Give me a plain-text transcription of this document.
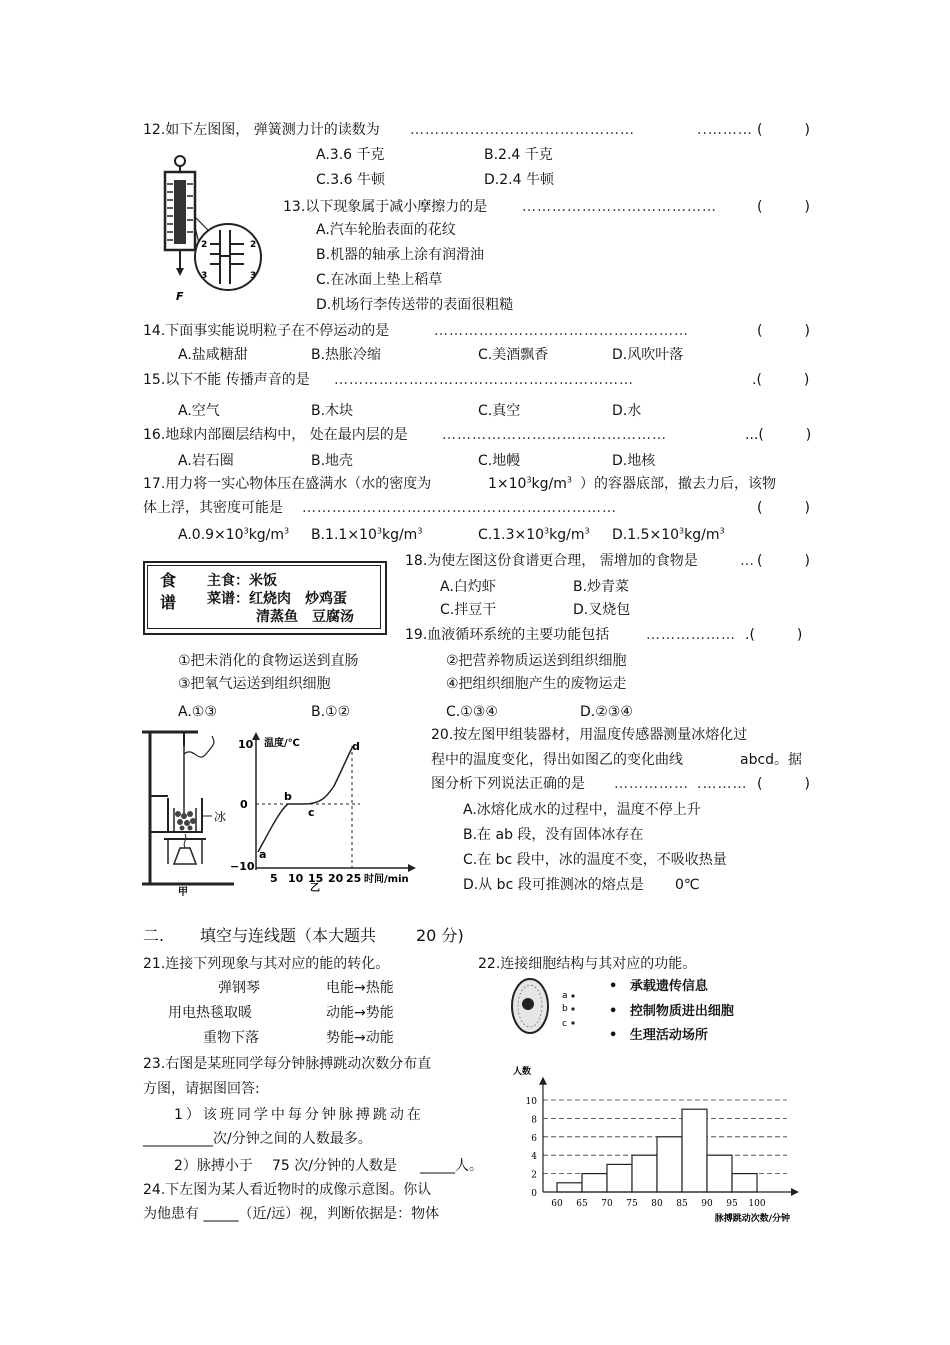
12.如下左图图， 弹簧测力计的读数为 ………………………………………	..……… (　　　)
A.3.6 千克	B.2.4 千克
C.3.6 牛顿	D.2.4 牛顿
N
F
2
3
2
3
13.以下现象属于减小摩擦力的是 …………………………………	(　　　)
A.汽车轮胎表面的花纹
B.机器的轴承上涂有润滑油
C.在冰面上垫上稻草
D.机场行李传送带的表面很粗糙
14.下面事实能说明粒子在不停运动的是	……………………………………………	(　　　)
A.盐咸糖甜	B.热胀冷缩	C.美酒飘香	D.风吹叶落
15.以下不能 传播声音的是 ……………………………………………………	.(　　　)
A.空气	B.木块	C.真空	D.水
16.地球内部圈层结构中， 处在最内层的是 ………………………………………	...(　　　)
A.岩石圈	B.地壳	C.地幔	D.地核
17.用力将一实心物体压在盛满水（水的密度为	$1\times 10^3kg/m^3$ ）的容器底部，撤去力后，该物
体上浮，其密度可能是 ………………………………………………………	(　　　)
$A.0.9\times 10^3kg/m^3$ $B.1.1\times 10^3kg/m^3$	$C.1.3\times 10^3kg/m^3$ $D.1.5\times 10^3kg/m^3$
食
谱
主食：米饭
菜谱：红烧肉　炒鸡蛋
清蒸鱼　豆腐汤
18.为使左图这份食谱更合理， 需增加的食物是	… (　　　)
A.白灼虾	B.炒青菜
C.拌豆干	D.叉烧包
19.血液循环系统的主要功能包括	……………… .(　　　)
①把未消化的食物运送到直肠	②把营养物质运送到组织细胞
③把氧气运送到组织细胞	④把组织细胞产生的废物运走
A.①③	B.①②	C.①③④	D.②③④
冰
甲
温度/℃
10
0
−10
a
b
c
d
5 10 15 20 25 时间/min
乙
20.按左图甲组装器材，用温度传感器测量冰熔化过
程中的温度变化，得出如图乙的变化曲线	abcd。据
图分析下列说法正确的是 …………… .……… (　　　)
A.冰熔化成水的过程中，温度不停上升
B.在 ab 段，没有固体冰存在
C.在 bc 段中，冰的温度不变，不吸收热量
D.从 bc 段可推测冰的熔点是 0℃
二. 填空与连线题（本大题共 20 分)
21.连接下列现象与其对应的能的转化。
弹钢琴
用电热毯取暖
重物下落
电能→热能
动能→势能
势能→动能
22.连接细胞结构与其对应的功能。
a
b
c
• 承载遗传信息
• 控制物质进出细胞
• 生理活动场所
23.右图是某班同学每分钟脉搏跳动次数分布直
方图，请据图回答:
1）该班同学中每分钟脉搏跳动在
__________次/分钟之间的人数最多。
2）脉搏小于 75 次/分钟的人数是 _____人。
24.下左图为某人看近物时的成像示意图。你认
为他患有 _____（近/远）视，判断依据是：物体
0
2
4
6
8
10
60 65 70 75 80 85 90 95 100
人数
脉搏跳动次数/分钟
